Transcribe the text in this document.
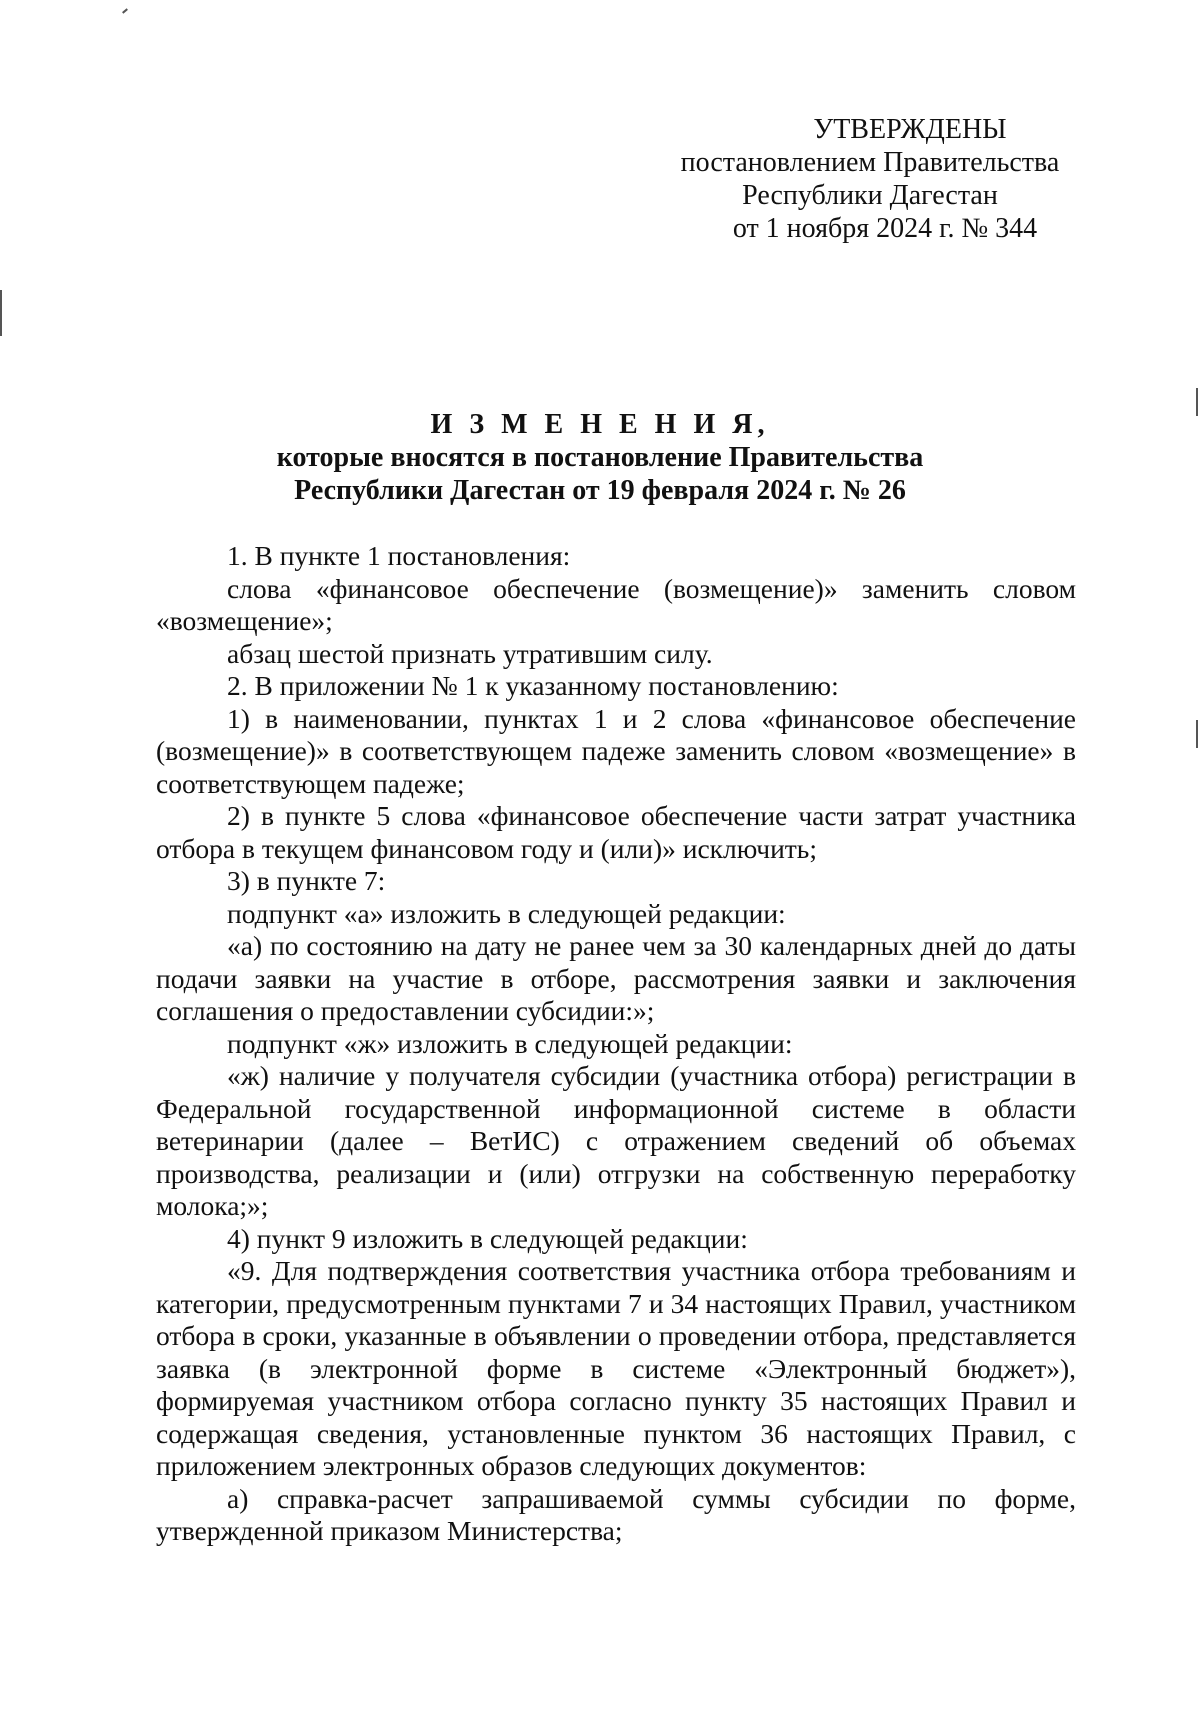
УТВЕРЖДЕНЫ
постановлением Правительства
Республики Дагестан
от 1 ноября 2024 г. № 344
И З М Е Н Е Н И Я,
которые вносятся в постановление Правительства
Республики Дагестан от 19 февраля 2024 г. № 26

1. В пункте 1 постановления:

слова «финансовое обеспечение (возмещение)» заменить словом «возмещение»;

абзац шестой признать утратившим силу.

2. В приложении № 1 к указанному постановлению:

1) в наименовании, пунктах 1 и 2 слова «финансовое обеспечение (возмещение)» в соответствующем падеже заменить словом «возмещение» в соответствующем падеже;

2) в пункте 5 слова «финансовое обеспечение части затрат участника отбора в текущем финансовом году и (или)» исключить;

3) в пункте 7:

подпункт «а» изложить в следующей редакции:

«а) по состоянию на дату не ранее чем за 30 календарных дней до даты подачи заявки на участие в отборе, рассмотрения заявки и заключения соглашения о предоставлении субсидии:»;

подпункт «ж» изложить в следующей редакции:

«ж) наличие у получателя субсидии (участника отбора) регистрации в Федеральной государственной информационной системе в области ветеринарии (далее – ВетИС) с отражением сведений об объемах производства, реализации и (или) отгрузки на собственную переработку молока;»;

4) пункт 9 изложить в следующей редакции:

«9. Для подтверждения соответствия участника отбора требованиям и категории, предусмотренным пунктами 7 и 34 настоящих Правил, участником отбора в сроки, указанные в объявлении о проведении отбора, представляется заявка (в электронной форме в системе «Электронный бюджет»), формируемая участником отбора согласно пункту 35 настоящих Правил и содержащая сведения, установленные пунктом 36 настоящих Правил, с приложением электронных образов следующих документов:

а) справка-расчет запрашиваемой суммы субсидии по форме, утвержденной приказом Министерства;
